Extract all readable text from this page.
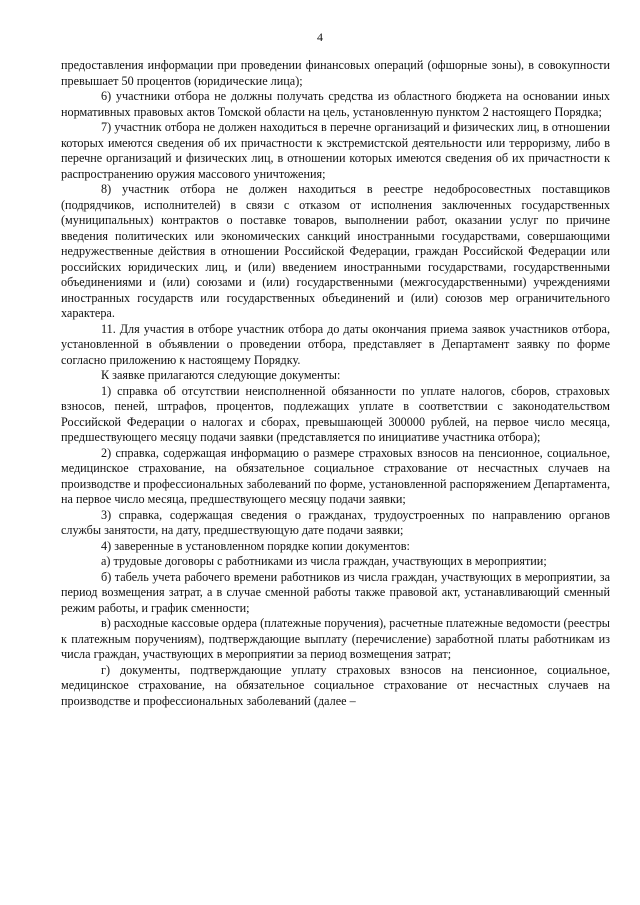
4

предоставления информации при проведении финансовых операций (офшорные зоны), в совокупности превышает 50 процентов (юридические лица);

6) участники отбора не должны получать средства из областного бюджета на основании иных нормативных правовых актов Томской области на цель, установленную пунктом 2 настоящего Порядка;

7) участник отбора не должен находиться в перечне организаций и физических лиц, в отношении которых имеются сведения об их причастности к экстремистской деятельности или терроризму, либо в перечне организаций и физических лиц, в отношении которых имеются сведения об их причастности к распространению оружия массового уничтожения;

8) участник отбора не должен находиться в реестре недобросовестных поставщиков (подрядчиков, исполнителей) в связи с отказом от исполнения заключенных государственных (муниципальных) контрактов о поставке товаров, выполнении работ, оказании услуг по причине введения политических или экономических санкций иностранными государствами, совершающими недружественные действия в отношении Российской Федерации, граждан Российской Федерации или российских юридических лиц, и (или) введением иностранными государствами, государственными объединениями и (или) союзами и (или) государственными (межгосударственными) учреждениями иностранных государств или государственных объединений и (или) союзов мер ограничительного характера.

11. Для участия в отборе участник отбора до даты окончания приема заявок участников отбора, установленной в объявлении о проведении отбора, представляет в Департамент заявку по форме согласно приложению к настоящему Порядку.

К заявке прилагаются следующие документы:

1) справка об отсутствии неисполненной обязанности по уплате налогов, сборов, страховых взносов, пеней, штрафов, процентов, подлежащих уплате в соответствии с законодательством Российской Федерации о налогах и сборах, превышающей 300000 рублей, на первое число месяца, предшествующего месяцу подачи заявки (представляется по инициативе участника отбора);

2) справка, содержащая информацию о размере страховых взносов на пенсионное, социальное, медицинское страхование, на обязательное социальное страхование от несчастных случаев на производстве и профессиональных заболеваний по форме, установленной распоряжением Департамента, на первое число месяца, предшествующего месяцу подачи заявки;

3) справка, содержащая сведения о гражданах, трудоустроенных по направлению органов службы занятости, на дату, предшествующую дате подачи заявки;

4) заверенные в установленном порядке копии документов:

а) трудовые договоры с работниками из числа граждан, участвующих в мероприятии;

б) табель учета рабочего времени работников из числа граждан, участвующих в мероприятии, за период возмещения затрат, а в случае сменной работы также правовой акт, устанавливающий сменный режим работы, и график сменности;

в) расходные кассовые ордера (платежные поручения), расчетные платежные ведомости (реестры к платежным поручениям), подтверждающие выплату (перечисление) заработной платы работникам из числа граждан, участвующих в мероприятии за период возмещения затрат;

г) документы, подтверждающие уплату страховых взносов на пенсионное, социальное, медицинское страхование, на обязательное социальное страхование от несчастных случаев на производстве и профессиональных заболеваний (далее –
